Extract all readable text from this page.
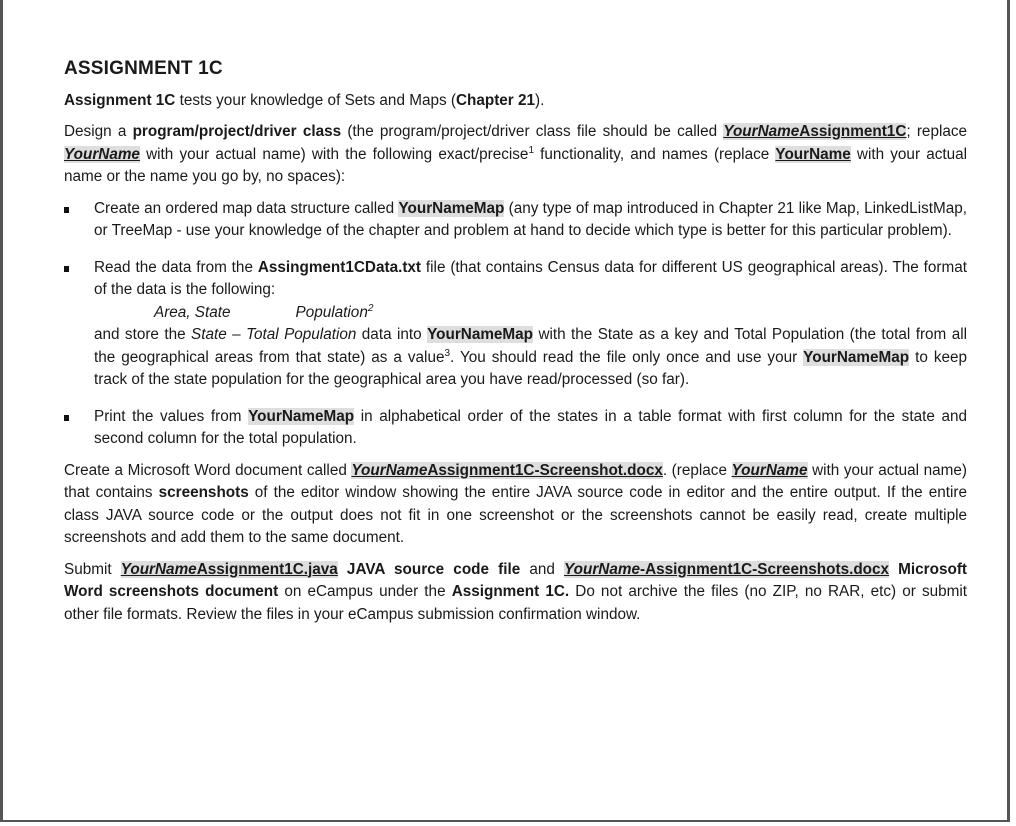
ASSIGNMENT 1C

Assignment 1C tests your knowledge of Sets and Maps (Chapter 21).

Design a program/project/driver class (the program/project/driver class file should be called YourNameAssignment1C; replace YourName with your actual name) with the following exact/precise$^1$ functionality, and names (replace YourName with your actual name or the name you go by, no spaces):

Create an ordered map data structure called YourNameMap (any type of map introduced in Chapter 21 like Map, LinkedListMap, or TreeMap - use your knowledge of the chapter and problem at hand to decide which type is better for this particular problem).
Read the data from the Assingment1CData.txt file (that contains Census data for different US geographical areas). The format of the data is the following:
Area, State	Population$^2$
and store the State – Total Population data into YourNameMap with the State as a key and Total Population (the total from all the geographical areas from that state) as a value$^3$. You should read the file only once and use your YourNameMap to keep track of the state population for the geographical area you have read/processed (so far).
Print the values from YourNameMap in alphabetical order of the states in a table format with first column for the state and second column for the total population.

Create a Microsoft Word document called YourNameAssignment1C-Screenshot.docx. (replace YourName with your actual name) that contains screenshots of the editor window showing the entire JAVA source code in editor and the entire output. If the entire class JAVA source code or the output does not fit in one screenshot or the screenshots cannot be easily read, create multiple screenshots and add them to the same document.

Submit YourNameAssignment1C.java JAVA source code file and YourName-Assignment1C-Screenshots.docx Microsoft Word screenshots document on eCampus under the Assignment 1C. Do not archive the files (no ZIP, no RAR, etc) or submit other file formats. Review the files in your eCampus submission confirmation window.
